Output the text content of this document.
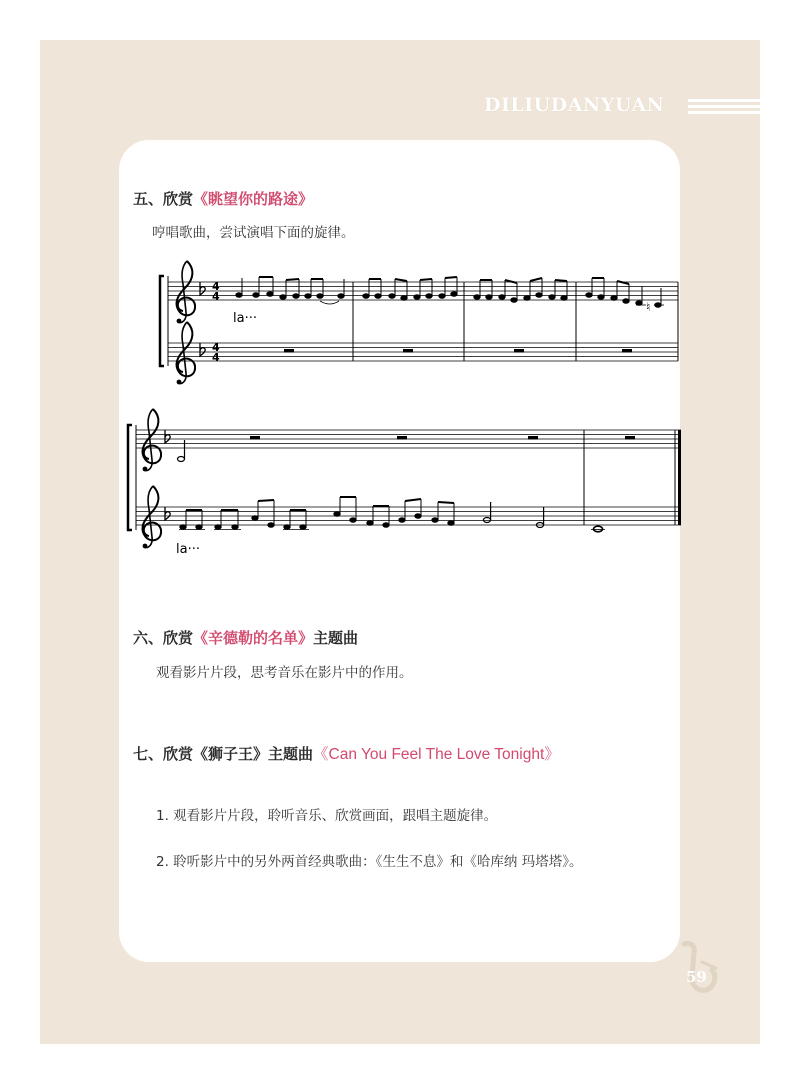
DILIUDANYUAN
五、欣赏《眺望你的路途》
哼唱歌曲，尝试演唱下面的旋律。
4
4
4
4
♮
la···
la···
六、欣赏《辛德勒的名单》主题曲
观看影片片段，思考音乐在影片中的作用。
七、欣赏《狮子王》主题曲《Can You Feel The Love Tonight》
1. 观看影片片段，聆听音乐、欣赏画面，跟唱主题旋律。
2. 聆听影片中的另外两首经典歌曲：《生生不息》和《哈库纳 玛塔塔》。
59
